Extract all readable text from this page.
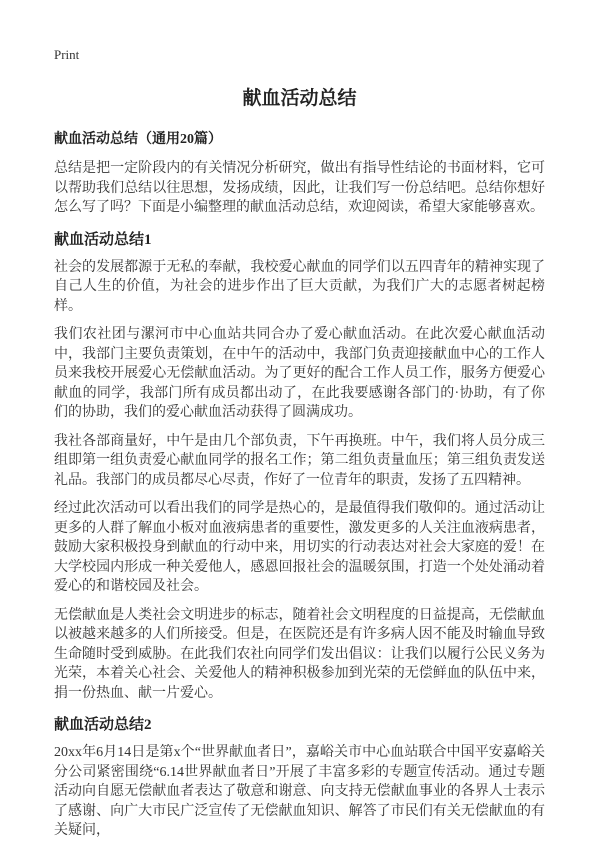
Print
献血活动总结
献血活动总结（通用20篇）

总结是把一定阶段内的有关情况分析研究，做出有指导性结论的书面材料，它可以帮助我们总结以往思想，发扬成绩，因此，让我们写一份总结吧。总结你想好怎么写了吗？下面是小编整理的献血活动总结，欢迎阅读，希望大家能够喜欢。

献血活动总结1

社会的发展都源于无私的奉献，我校爱心献血的同学们以五四青年的精神实现了自己人生的价值，为社会的进步作出了巨大贡献，为我们广大的志愿者树起榜样。

我们农社团与漯河市中心血站共同合办了爱心献血活动。在此次爱心献血活动中，我部门主要负责策划，在中午的活动中，我部门负责迎接献血中心的工作人员来我校开展爱心无偿献血活动。为了更好的配合工作人员工作，服务方便爱心献血的同学，我部门所有成员都出动了，在此我要感谢各部门的·协助，有了你们的协助，我们的爱心献血活动获得了圆满成功。

我社各部商量好，中午是由几个部负责，下午再换班。中午，我们将人员分成三组即第一组负责爱心献血同学的报名工作；第二组负责量血压；第三组负责发送礼品。我部门的成员都尽心尽责，作好了一位青年的职责，发扬了五四精神。

经过此次活动可以看出我们的同学是热心的，是最值得我们敬仰的。通过活动让更多的人群了解血小板对血液病患者的重要性，激发更多的人关注血液病患者，鼓励大家积极投身到献血的行动中来，用切实的行动表达对社会大家庭的爱！在大学校园内形成一种关爱他人，感恩回报社会的温暖氛围，打造一个处处涌动着爱心的和谐校园及社会。

无偿献血是人类社会文明进步的标志，随着社会文明程度的日益提高，无偿献血以被越来越多的人们所接受。但是，在医院还是有许多病人因不能及时输血导致生命随时受到威胁。在此我们农社向同学们发出倡议：让我们以履行公民义务为光荣，本着关心社会、关爱他人的精神积极参加到光荣的无偿鲜血的队伍中来，捐一份热血、献一片爱心。

献血活动总结2

20xx年6月14日是第x个“世界献血者日”，嘉峪关市中心血站联合中国平安嘉峪关分公司紧密围绕“6.14世界献血者日”开展了丰富多彩的专题宣传活动。通过专题活动向自愿无偿献血者表达了敬意和谢意、向支持无偿献血事业的各界人士表示了感谢、向广大市民广泛宣传了无偿献血知识、解答了市民们有关无偿献血的有关疑问，
